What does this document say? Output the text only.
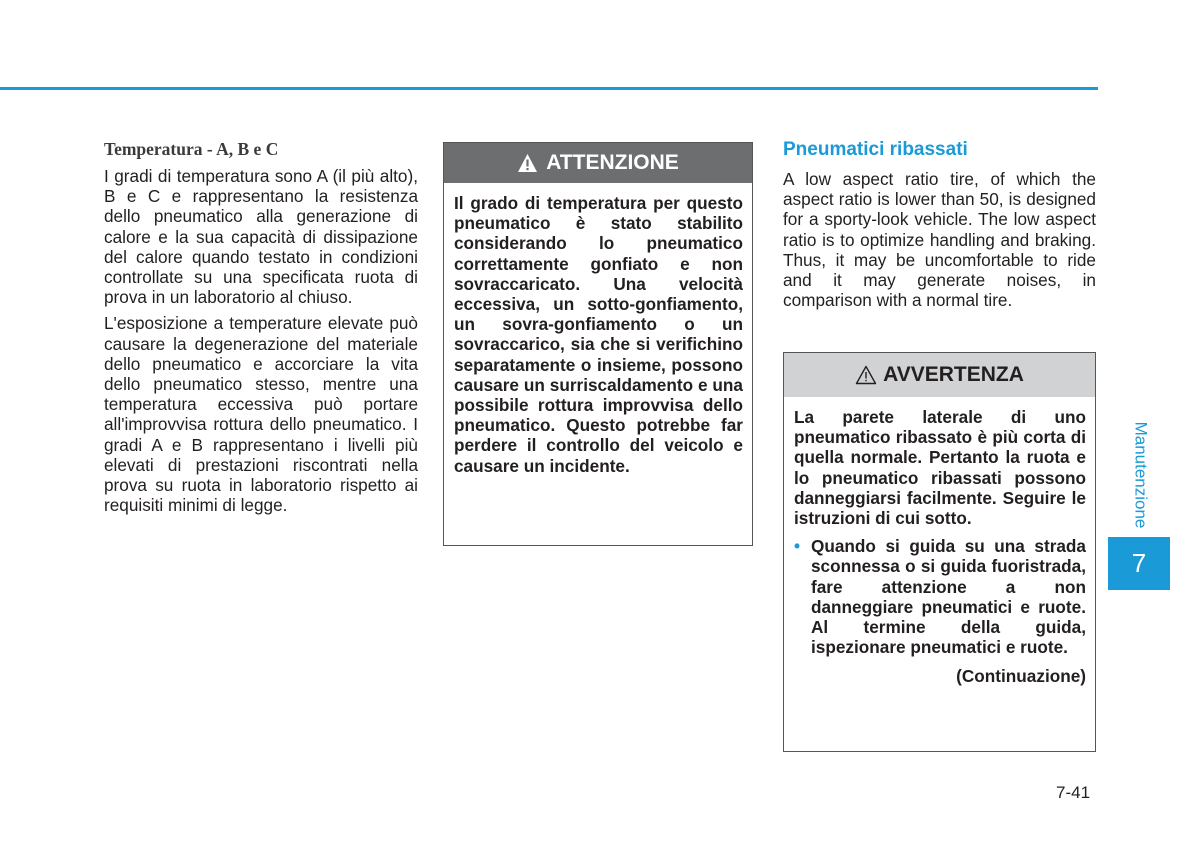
Temperatura - A, B e C

I gradi di temperatura sono A (il più alto), B e C e rappresentano la resistenza dello pneumatico alla generazione di calore e la sua capacità di dissipazione del calore quando testato in condizioni controllate su una specificata ruota di prova in un laboratorio al chiuso.

L'esposizione a temperature elevate può causare la degenerazione del materiale dello pneumatico e accorciare la vita dello pneumatico stesso, mentre una temperatura eccessiva può portare all'improvvisa rottura dello pneumatico. I gradi A e B rappresentano i livelli più elevati di prestazioni riscontrati nella prova su ruota in laboratorio rispetto ai requisiti minimi di legge.

ATTENZIONE
Il grado di temperatura per questo pneumatico è stato stabilito considerando lo pneumatico correttamente gonfiato e non sovraccaricato. Una velocità eccessiva, un sotto-gonfiamento, un sovra-gonfiamento o un sovraccarico, sia che si verifichino separatamente o insieme, possono causare un surriscaldamento e una possibile rottura improvvisa dello pneumatico. Questo potrebbe far perdere il controllo del veicolo e causare un incidente.
Pneumatici ribassati

A low aspect ratio tire, of which the aspect ratio is lower than 50, is designed for a sporty-look vehicle. The low aspect ratio is to optimize handling and braking. Thus, it may be uncomfortable to ride and it may generate noises, in comparison with a normal tire.

AVVERTENZA
La parete laterale di uno pneumatico ribassato è più corta di quella normale. Pertanto la ruota e lo pneumatico ribassati possono danneggiarsi facilmente. Seguire le istruzioni di cui sotto.
• Quando si guida su una strada sconnessa o si guida fuoristrada, fare attenzione a non danneggiare pneumatici e ruote. Al termine della guida, ispezionare pneumatici e ruote.
(Continuazione)
Manutenzione
7
7-41
